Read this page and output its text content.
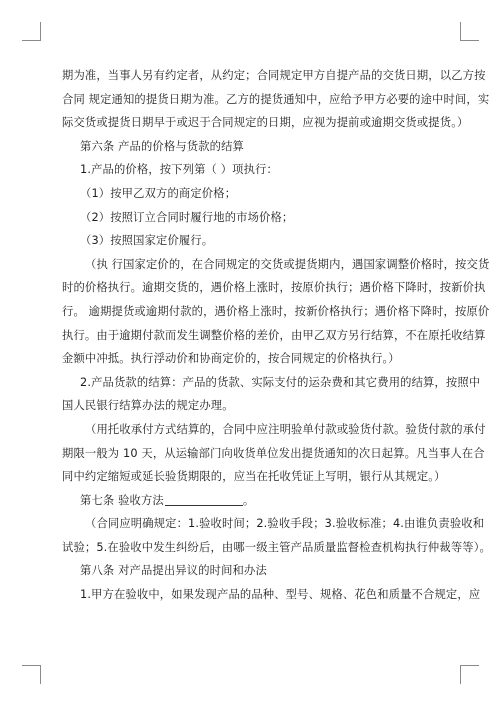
期为准，当事人另有约定者，从约定；合同规定甲方自提产品的交货日期，以乙方按
合同 规定通知的提货日期为准。乙方的提货通知中，应给予甲方必要的途中时间，实
际交货或提货日期早于或迟于合同规定的日期，应视为提前或逾期交货或提货。）
第六条 产品的价格与货款的结算
1.产品的价格，按下列第（ ）项执行：
（1）按甲乙双方的商定价格；
（2）按照订立合同时履行地的市场价格；
（3）按照国家定价履行。
（执 行国家定价的，在合同规定的交货或提货期内，遇国家调整价格时，按交货
时的价格执行。逾期交货的，遇价格上涨时，按原价执行；遇价格下降时，按新价执
行。 逾期提货或逾期付款的，遇价格上涨时，按新价格执行；遇价格下降时，按原价
执行。由于逾期付款而发生调整价格的差价，由甲乙双方另行结算，不在原托收结算
金额中冲抵。执行浮动价和协商定价的，按合同规定的价格执行。）
2.产品货款的结算：产品的货款、实际支付的运杂费和其它费用的结算，按照中
国人民银行结算办法的规定办理。
（用托收承付方式结算的，合同中应注明验单付款或验货付款。验货付款的承付
期限一般为 10 天，从运输部门向收货单位发出提货通知的次日起算。凡当事人在合
同中约定缩短或延长验货期限的，应当在托收凭证上写明，银行从其规定。）
第七条 验收方法	。
（合同应明确规定：1.验收时间；2.验收手段；3.验收标准；4.由谁负责验收和
试验；5.在验收中发生纠纷后，由哪一级主管产品质量监督检查机构执行仲裁等等）。
第八条 对产品提出异议的时间和办法
1.甲方在验收中，如果发现产品的品种、型号、规格、花色和质量不合规定，应
